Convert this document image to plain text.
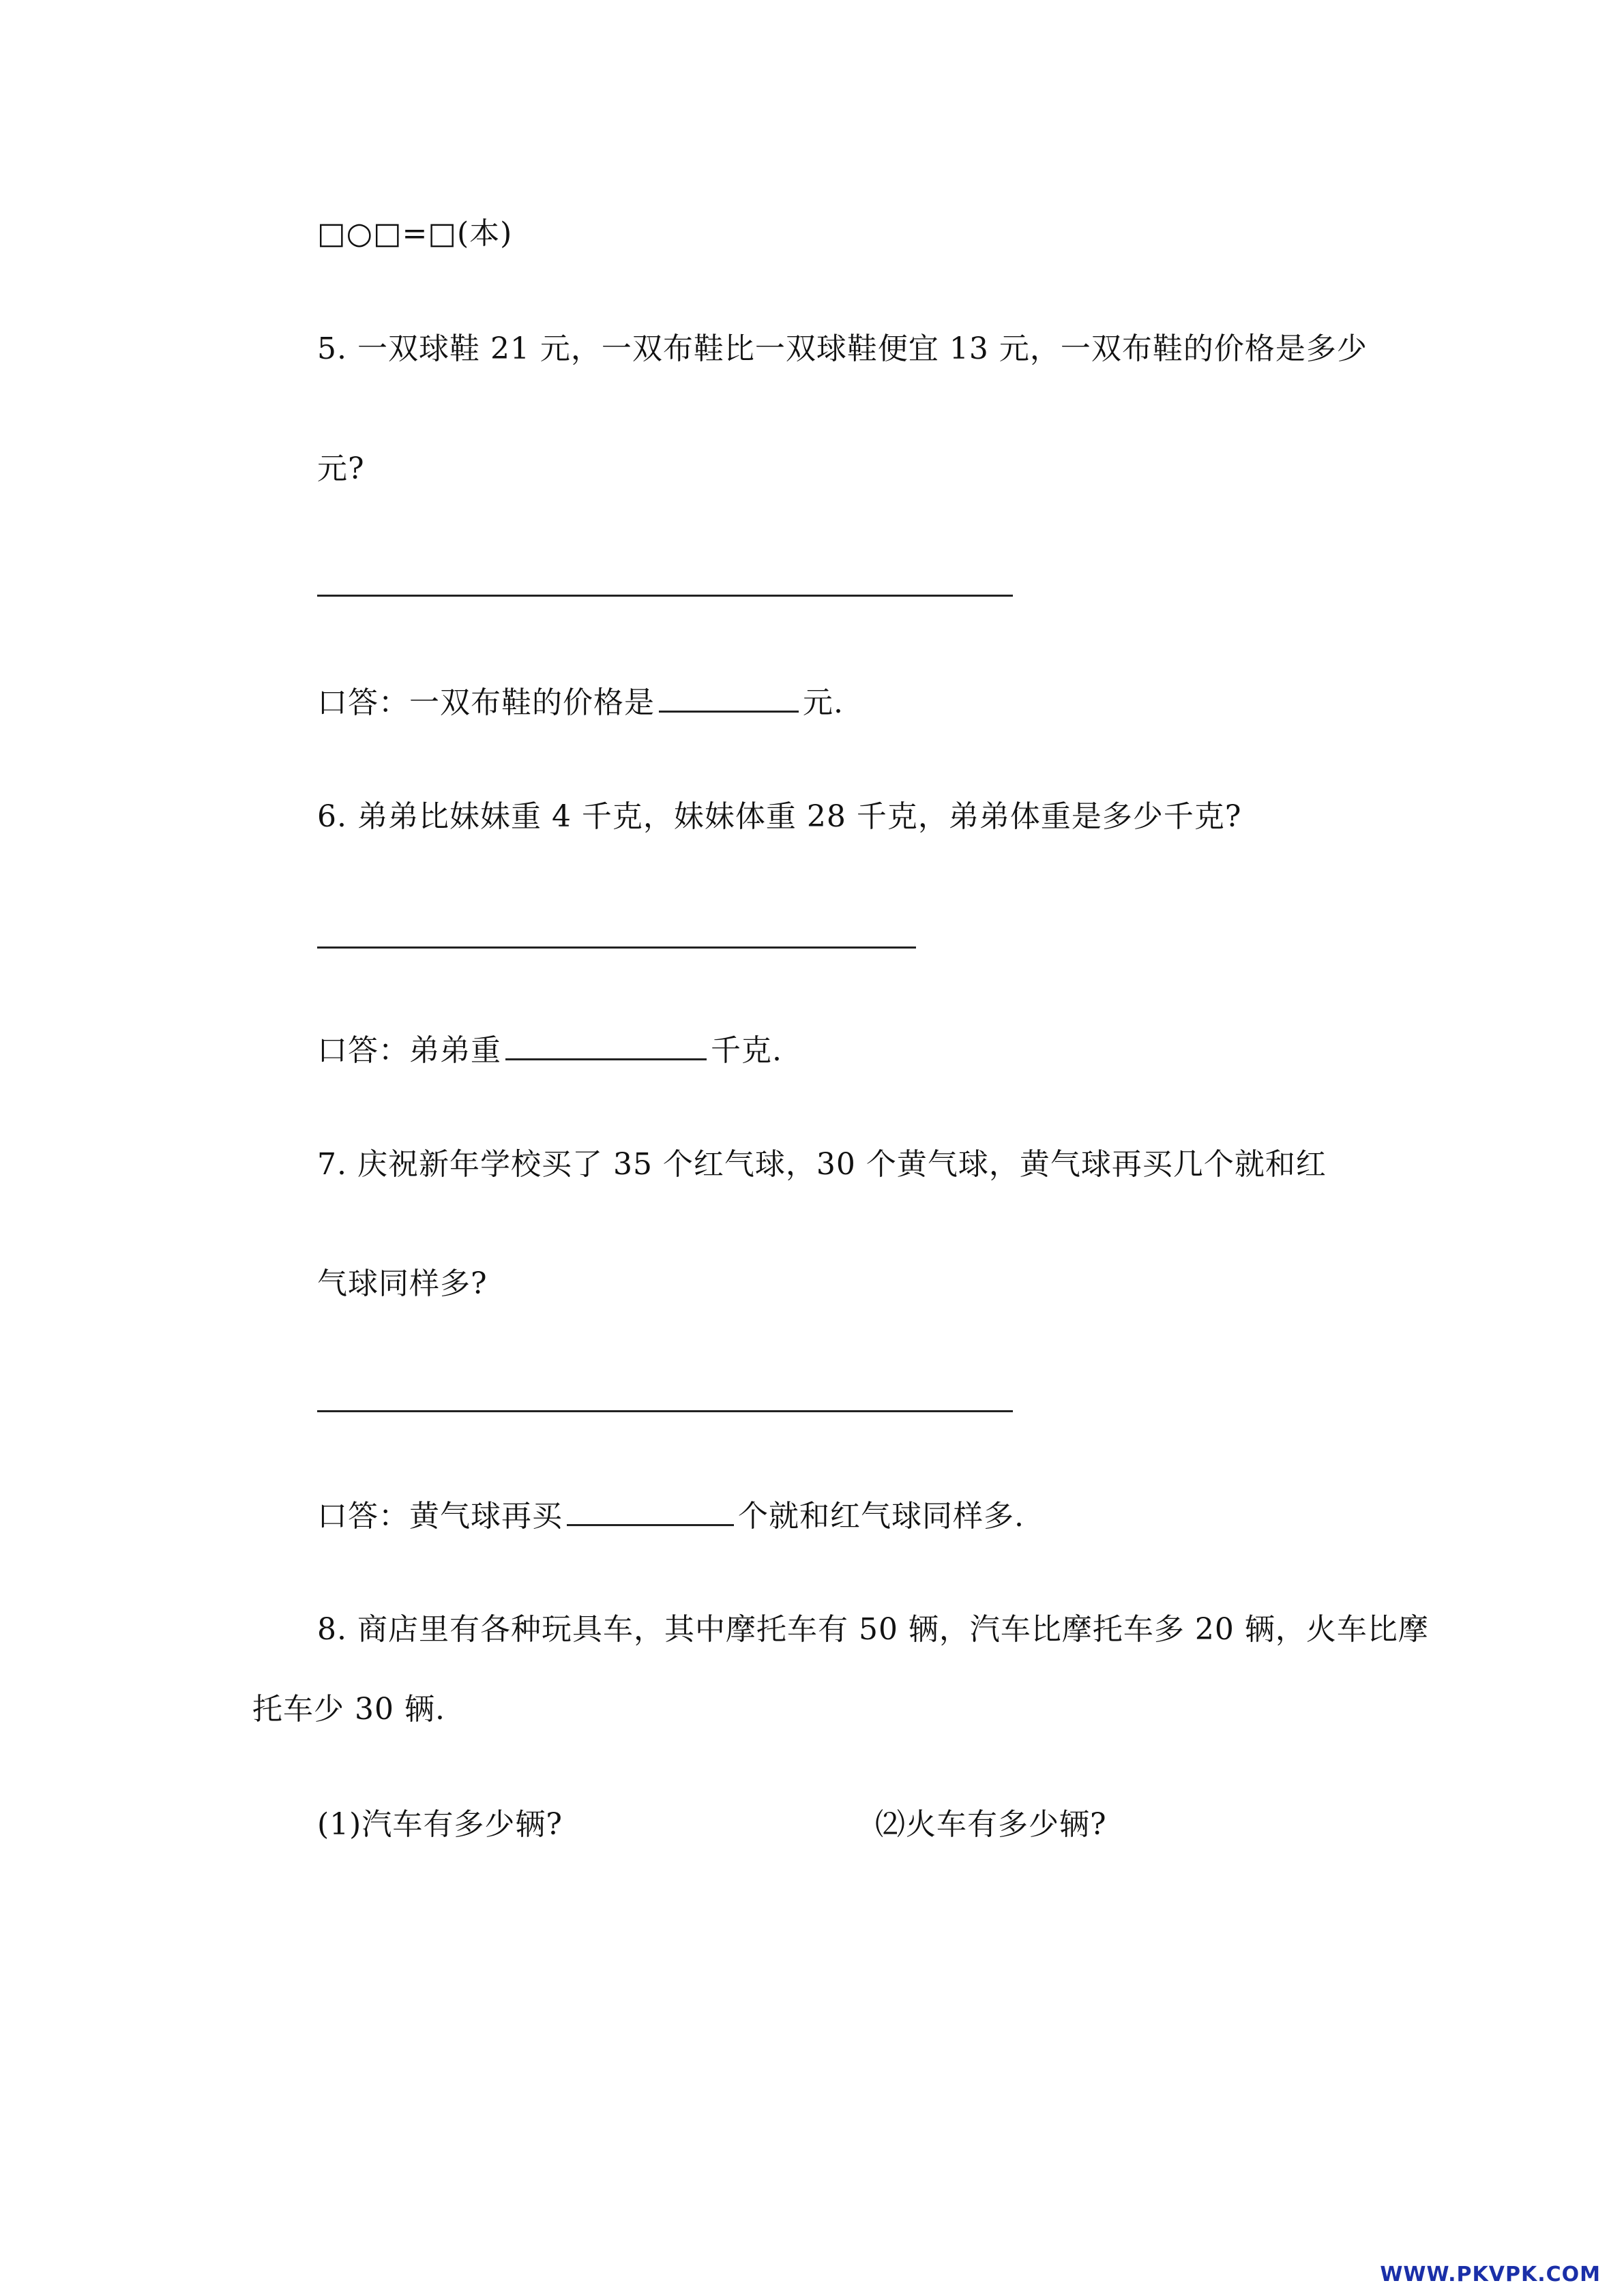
□○□=□(本)
5. 一双球鞋 21 元，一双布鞋比一双球鞋便宜 13 元，一双布鞋的价格是多少
元?
口答：一双布鞋的价格是	元.
6. 弟弟比妹妹重 4 千克，妹妹体重 28 千克，弟弟体重是多少千克?
口答：弟弟重	千克.
7. 庆祝新年学校买了 35 个红气球，30 个黄气球，黄气球再买几个就和红
气球同样多?
口答：黄气球再买	个就和红气球同样多.
8. 商店里有各种玩具车，其中摩托车有 50 辆，汽车比摩托车多 20 辆，火车比摩
托车少 30 辆.
(1)汽车有多少辆?	⑵火车有多少辆?
WWW.PKVPK.COM
